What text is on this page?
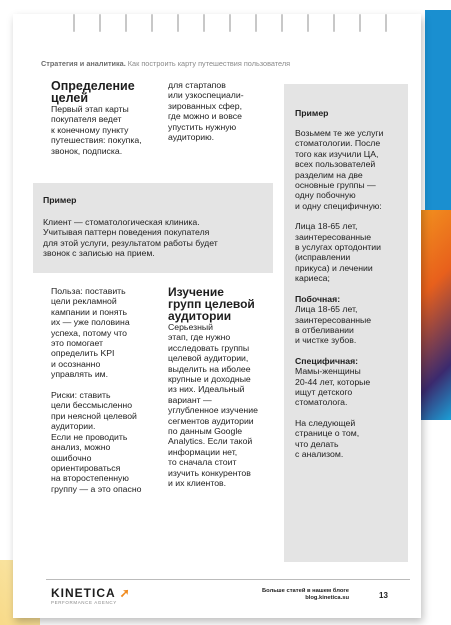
Стратегия и аналитика. Как построить карту путешествия пользователя
Определение
целей
Первый этап карты
покупателя ведет
к конечному пункту
путешествия: покупка,
звонок, подписка.
для стартапов
или узкоспециали-
зированных сфер,
где можно и вовсе
упустить нужную
аудиторию.
Пример
Клиент — стоматологическая клиника.
Учитывая паттерн поведения покупателя
для этой услуги, результатом работы будет
звонок с записью на прием.
Пример
Возьмем те же услуги
стоматологии. После
того как изучили ЦА,
всех пользователей
разделим на две
основные группы —
одну побочную
и одну специфичную:
Лица 18-65 лет,
заинтересованные
в услугах ортодонтии
(исправлении
прикуса) и лечении
кариеса;
Побочная:
Лица 18-65 лет,
заинтересованные
в отбеливании
и чистке зубов.
Специфичная:
Мамы-женщины
20-44 лет, которые
ищут детского
стоматолога.
На следующей
странице о том,
что делать
с анализом.
Польза: поставить
цели рекламной
кампании и понять
их — уже половина
успеха, потому что
это помогает
определить KPI
и осознанно
управлять им.

Риски: ставить
цели бессмысленно
при неясной целевой
аудитории.
Если не проводить
анализ, можно
ошибочно
ориентироваться
на второстепенную
группу — а это опасно
Изучение
групп целевой
аудитории
Серьезный
этап, где нужно
исследовать группы
целевой аудитории,
выделить на иболее
крупные и доходные
из них. Идеальный
вариант —
углубленное изучение
сегментов аудитории
по данным Google
Analytics. Если такой
информации нет,
то сначала стоит
изучить конкурентов
и их клиентов.
KINETICA ➚
PERFORMANCE AGENCY
Больше статей в нашем блоге
blog.kinetica.su	13
